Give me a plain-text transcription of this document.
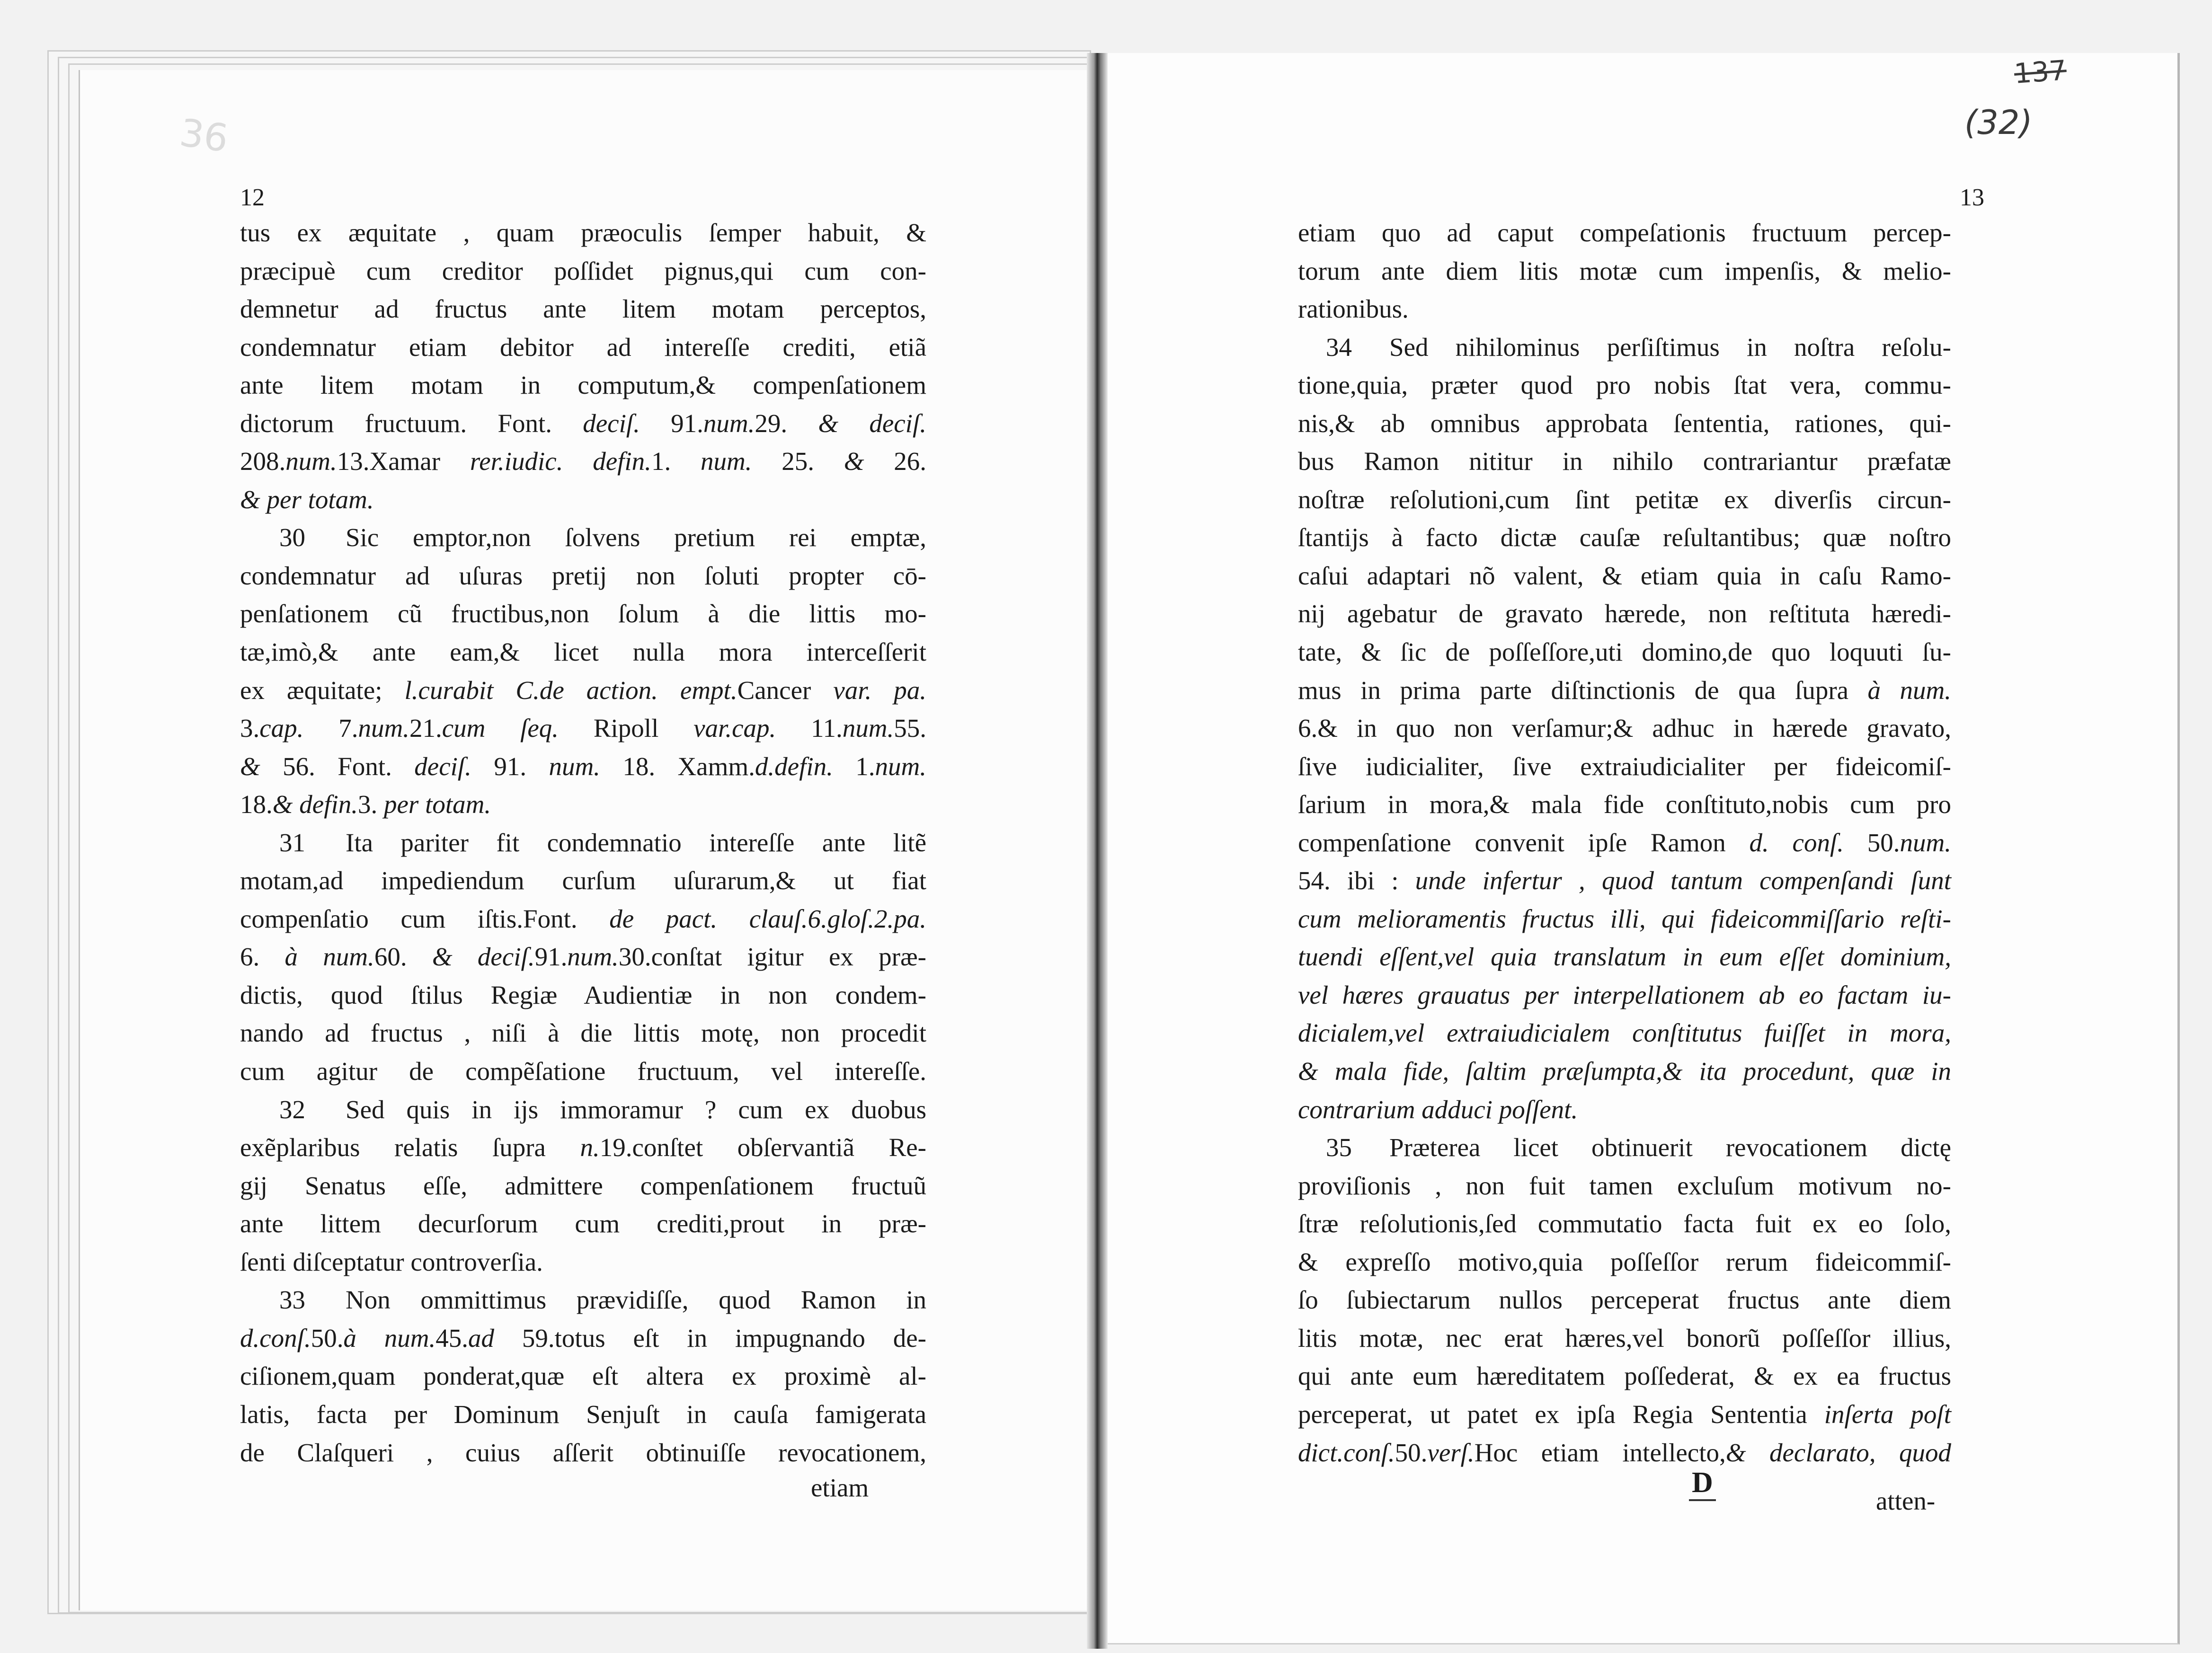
36
137
(32)
12	13
tus ex æquitate , quam præoculis ſemper habuit, &
præcipuè cum creditor poſſidet pignus,qui cum con-
demnetur ad fructus ante litem motam perceptos,
condemnatur etiam debitor ad intereſſe crediti, etiã
ante litem motam in computum,& compenſationem
dictorum fructuum. Font. deciſ. 91.num.29. & deciſ.
208.num.13.Xamar rer.iudic. defin.1. num. 25. & 26.
& per totam.
30 Sic emptor,non ſolvens pretium rei emptæ,
condemnatur ad uſuras pretij non ſoluti propter cō-
penſationem cũ fructibus,non ſolum à die littis mo-
tæ,imò,& ante eam,& licet nulla mora interceſſerit
ex æquitate; l.curabit C.de action. empt.Cancer var. pa.
3.cap. 7.num.21.cum ſeq. Ripoll var.cap. 11.num.55.
& 56. Font. deciſ. 91. num. 18. Xamm.d.defin. 1.num.
18.& defin.3. per totam.
31 Ita pariter fit condemnatio intereſſe ante litẽ
motam,ad impediendum curſum uſurarum,& ut fiat
compenſatio cum iſtis.Font. de pact. clauſ.6.gloſ.2.pa.
6. à num.60. & deciſ.91.num.30.conſtat igitur ex præ-
dictis, quod ſtilus Regiæ Audientiæ in non condem-
nando ad fructus , niſi à die littis motę, non procedit
cum agitur de compẽſatione fructuum, vel intereſſe.
32 Sed quis in ijs immoramur ? cum ex duobus
exẽplaribus relatis ſupra n.19.conſtet obſervantiã Re-
gij Senatus eſſe, admittere compenſationem fructuũ
ante littem decurſorum cum crediti,prout in præ-
ſenti diſceptatur controverſia.
33 Non ommittimus prævidiſſe, quod Ramon in
d.conſ.50.à num.45.ad 59.totus eſt in impugnando de-
ciſionem,quam ponderat,quæ eſt altera ex proximè al-
latis, facta per Dominum Senjuſt in cauſa famigerata
de Claſqueri , cuius aſſerit obtinuiſſe revocationem,
etiam quo ad caput compeſationis fructuum percep-
torum ante diem litis motæ cum impenſis, & melio-
rationibus.
34 Sed nihilominus perſiſtimus in noſtra reſolu-
tione,quia, præter quod pro nobis ſtat vera, commu-
nis,& ab omnibus approbata ſententia, rationes, qui-
bus Ramon nititur in nihilo contrariantur præfatæ
noſtræ reſolutioni,cum ſint petitæ ex diverſis circun-
ſtantijs à facto dictæ cauſæ reſultantibus; quæ noſtro
caſui adaptari nõ valent, & etiam quia in caſu Ramo-
nij agebatur de gravato hærede, non reſtituta hæredi-
tate, & ſic de poſſeſſore,uti domino,de quo loquuti ſu-
mus in prima parte diſtinctionis de qua ſupra à num.
6.& in quo non verſamur;& adhuc in hærede gravato,
ſive iudicialiter, ſive extraiudicialiter per fideicomiſ-
ſarium in mora,& mala fide conſtituto,nobis cum pro
compenſatione convenit ipſe Ramon d. conſ. 50.num.
54. ibi : unde infertur , quod tantum compenſandi ſunt
cum melioramentis fructus illi, qui fideicommiſſario reſti-
tuendi eſſent,vel quia translatum in eum eſſet dominium,
vel hæres grauatus per interpellationem ab eo factam iu-
dicialem,vel extraiudicialem conſtitutus fuiſſet in mora,
& mala fide, ſaltim præſumpta,& ita procedunt, quæ in
contrarium adduci poſſent.
35 Præterea licet obtinuerit revocationem dictę
proviſionis , non fuit tamen excluſum motivum no-
ſtræ reſolutionis,ſed commutatio facta fuit ex eo ſolo,
& expreſſo motivo,quia poſſeſſor rerum fideicommiſ-
ſo ſubiectarum nullos perceperat fructus ante diem
litis motæ, nec erat hæres,vel bonorũ poſſeſſor illius,
qui ante eum hæreditatem poſſederat, & ex ea fructus
perceperat, ut patet ex ipſa Regia Sententia inſerta poſt
dict.conſ.50.verſ.Hoc etiam intellecto,& declarato, quod
etiam	D
atten-
